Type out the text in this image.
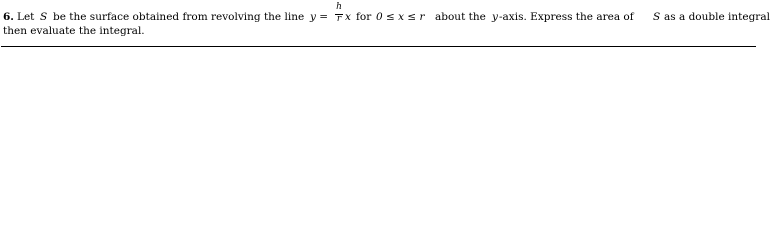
6. Let S be the surface obtained from revolving the line y =
h
r x for 0 ≤ x ≤ r about the y -axis. Express the area of S as a double integral
then evaluate the integral.
